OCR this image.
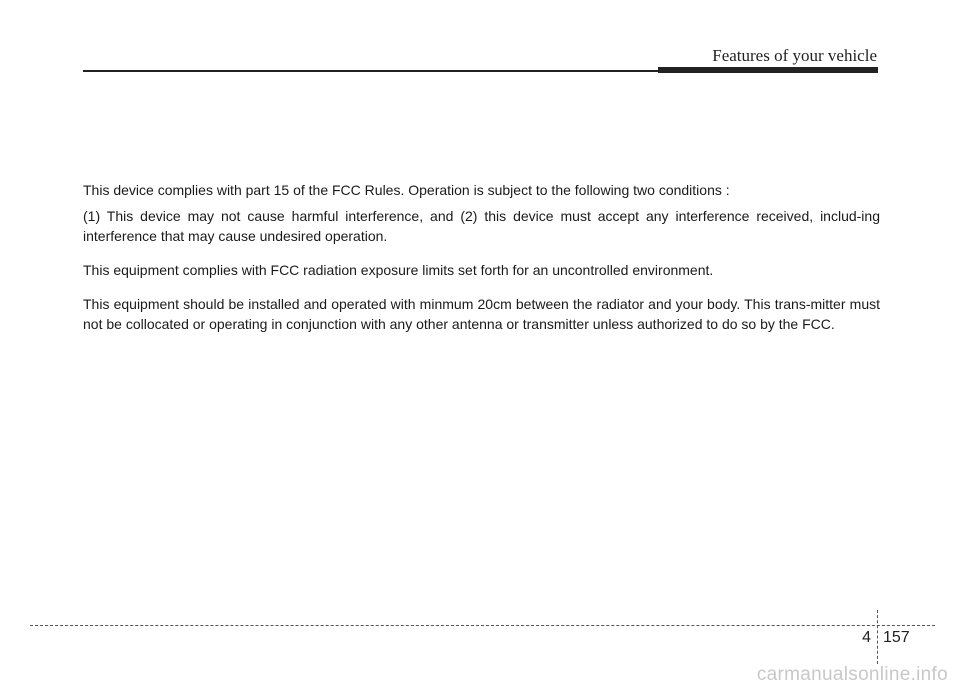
Features of your vehicle

This device complies with part 15 of the FCC Rules. Operation is subject to the following two conditions :

(1) This device may not cause harmful interference, and (2) this device must accept any interference received, includ-ing interference that may cause undesired operation.

This equipment complies with FCC radiation exposure limits set forth for an uncontrolled environment.

This equipment should be installed and operated with minmum 20cm between the radiator and your body. This trans-mitter must not be collocated or operating in conjunction with any other antenna or transmitter unless authorized to do so by the FCC.

4 157
carmanualsonline.info
